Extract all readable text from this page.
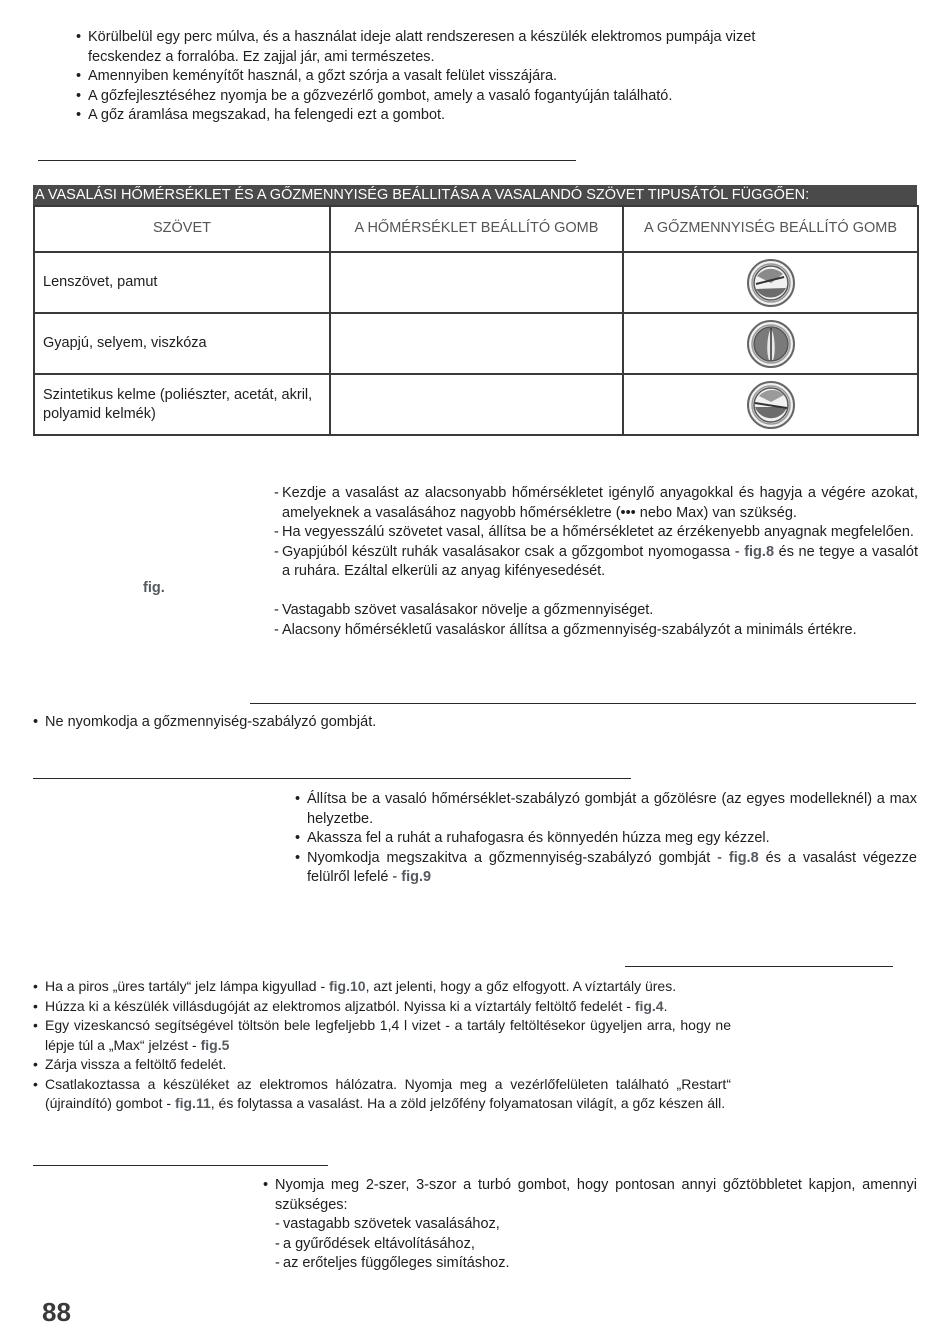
• Körülbelül egy perc múlva, és a használat ideje alatt rendszeresen a készülék elektromos pumpája vizet fecskendez a forralóba. Ez zajjal jár, ami természetes.
• Amennyiben keményítőt használ, a gőzt szórja a vasalt felület visszájára.
• A gőzfejlesztéséhez nyomja be a gőzvezérlő gombot, amely a vasaló fogantyúján található.
• A gőz áramlása megszakad, ha felengedi ezt a gombot.
A VASALÁSI HŐMÉRSÉKLET ÉS A GŐZMENNYISÉG BEÁLLITÁSA A VASALANDÓ SZÖVET TIPUSÁTÓL FÜGGŐEN:
SZÖVET	A HŐMÉRSÉKLET BEÁLLÍTÓ GOMB	A GŐZMENNYISÉG BEÁLLÍTÓ GOMB
Lenszövet, pamut		

Gyapjú, selyem, viszkóza		

Szintetikus kelme (poliészter, acetát, akril, polyamid kelmék)		
fig.
- Kezdje a vasalást az alacsonyabb hőmérsékletet igénylő anyagokkal és hagyja a végére azokat, amelyeknek a vasalásához nagyobb hőmérsékletre (••• nebo Max) van szükség.
- Ha vegyesszálú szövetet vasal, állítsa be a hőmérsékletet az érzékenyebb anyagnak megfelelően.
- Gyapjúból készült ruhák vasalásakor csak a gőzgombot nyomogassa - fig.8 és ne tegye a vasalót a ruhára. Ezáltal elkerüli az anyag kifényesedését.
- Vastagabb szövet vasalásakor növelje a gőzmennyiséget.
- Alacsony hőmérsékletű vasaláskor állítsa a gőzmennyiség-szabályzót a minimáls értékre.
• Ne nyomkodja a gőzmennyiség-szabályzó gombját.
• Állítsa be a vasaló hőmérséklet-szabályzó gombját a gőzölésre (az egyes modelleknél) a max helyzetbe.
• Akassza fel a ruhát a ruhafogasra és könnyedén húzza meg egy kézzel.
• Nyomkodja megszakitva a gőzmennyiség-szabályzó gombját - fig.8 és a vasalást végezze felülről lefelé - fig.9
• Ha a piros „üres tartály“ jelz lámpa kigyullad - fig.10, azt jelenti, hogy a gőz elfogyott. A víztartály üres.
• Húzza ki a készülék villásdugóját az elektromos aljzatból. Nyissa ki a víztartály feltöltő fedelét - fig.4.
• Egy vizeskancsó segítségével töltsön bele legfeljebb 1,4 l vizet - a tartály feltöltésekor ügyeljen arra, hogy ne lépje túl a „Max“ jelzést - fig.5
• Zárja vissza a feltöltő fedelét.
• Csatlakoztassa a készüléket az elektromos hálózatra. Nyomja meg a vezérlőfelületen található „Restart“ (újraindító) gombot - fig.11, és folytassa a vasalást. Ha a zöld jelzőfény folyamatosan világít, a gőz készen áll.
• Nyomja meg 2-szer, 3-szor a turbó gombot, hogy pontosan annyi gőztöbbletet kapjon, amennyi szükséges:
- vastagabb szövetek vasalásához,
- a gyűrődések eltávolításához,
- az erőteljes függőleges simításhoz.
88
